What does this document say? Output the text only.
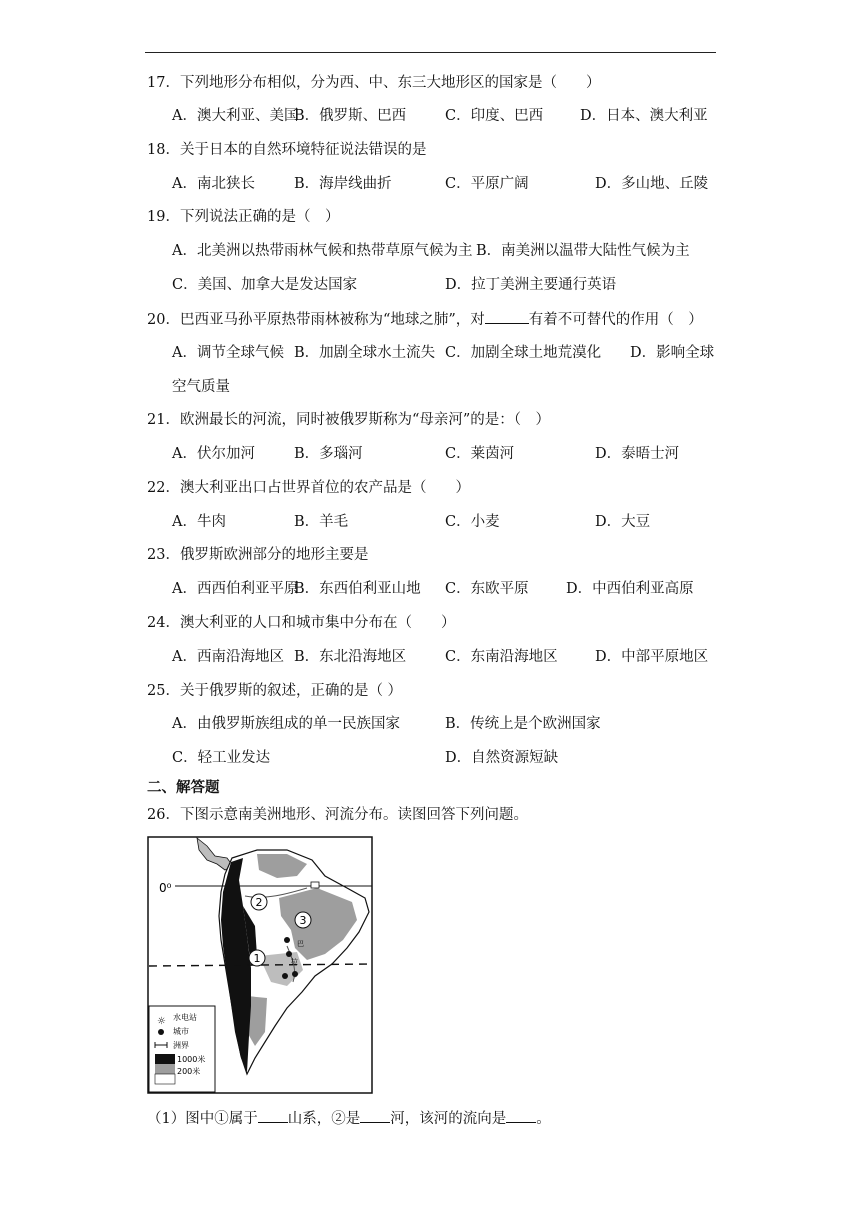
17．下列地形分布相似，分为西、中、东三大地形区的国家是（　　）
A．澳大利亚、美国
B．俄罗斯、巴西	C．印度、巴西	D．日本、澳大利亚
18．关于日本的自然环境特征说法错误的是
A．南北狭长	B．海岸线曲折	C．平原广阔	D．多山地、丘陵
19．下列说法正确的是（　）
A．北美洲以热带雨林气候和热带草原气候为主 B．南美洲以温带大陆性气候为主
C．美国、加拿大是发达国家	D．拉丁美洲主要通行英语
20．巴西亚马孙平原热带雨林被称为“地球之肺”，对	有着不可替代的作用（　）
A．调节全球气候 B．加剧全球水土流失 C．加剧全球土地荒漠化 D．影响全球
空气质量
21．欧洲最长的河流，同时被俄罗斯称为“母亲河”的是：（　）
A．伏尔加河	B．多瑙河	C．莱茵河	D．泰晤士河
22．澳大利亚出口占世界首位的农产品是（　　）
A．牛肉	B．羊毛	C．小麦	D．大豆
23．俄罗斯欧洲部分的地形主要是
A．西西伯利亚平原
B．东西伯利亚山地 C．东欧平原	D．中西伯利亚高原
24．澳大利亚的人口和城市集中分布在（　　）
A．西南沿海地区 B．东北沿海地区	C．东南沿海地区	D．中部平原地区
25．关于俄罗斯的叙述，正确的是（ ）
A．由俄罗斯族组成的单一民族国家	B．传统上是个欧洲国家
C．轻工业发达	D．自然资源短缺
二、解答题
26．下图示意南美洲地形、河流分布。读图回答下列问题。
0⁰
1
2
3
巴
拉
☼ 水电站
城市
洲界
1000米
200米
（1）图中①属于 山系，②是 河，该河的流向是 。
